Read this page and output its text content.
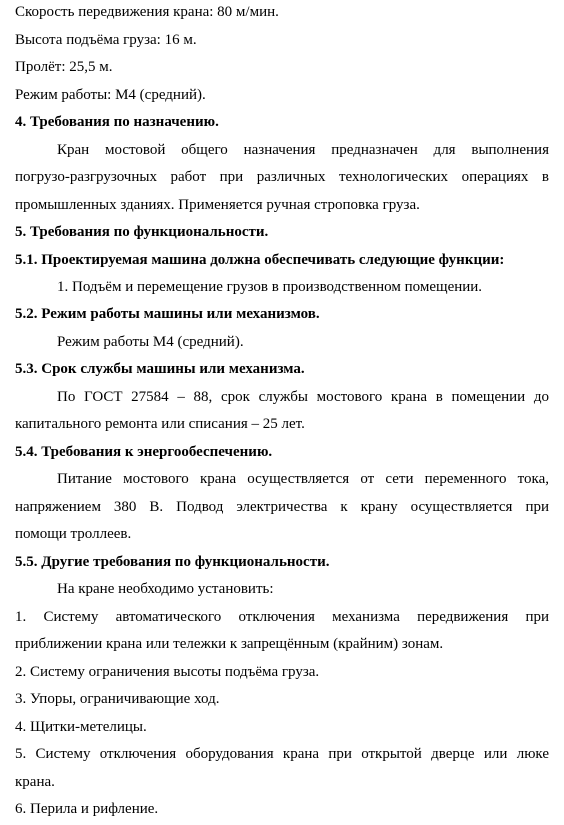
Скорость передвижения крана: 80 м/мин.
Высота подъёма груза: 16 м.
Пролёт: 25,5 м.
Режим работы: М4 (средний).
4. Требования по назначению.
Кран мостовой общего назначения предназначен для выполнения
погрузо-разгрузочных работ при различных технологических операциях в
промышленных зданиях. Применяется ручная строповка груза.
5. Требования по функциональности.
5.1. Проектируемая машина должна обеспечивать следующие функции:
1. Подъём и перемещение грузов в производственном помещении.
5.2. Режим работы машины или механизмов.
Режим работы М4 (средний).
5.3. Срок службы машины или механизма.
По ГОСТ 27584 – 88, срок службы мостового крана в помещении до
капитального ремонта или списания – 25 лет.
5.4. Требования к энергообеспечению.
Питание мостового крана осуществляется от сети переменного тока,
напряжением 380 В. Подвод электричества к крану осуществляется при
помощи троллеев.
5.5. Другие требования по функциональности.
На кране необходимо установить:
1. Систему автоматического отключения механизма передвижения при
приближении крана или тележки к запрещённым (крайним) зонам.
2. Систему ограничения высоты подъёма груза.
3. Упоры, ограничивающие ход.
4. Щитки-метелицы.
5. Систему отключения оборудования крана при открытой дверце или люке
крана.
6. Перила и рифление.
